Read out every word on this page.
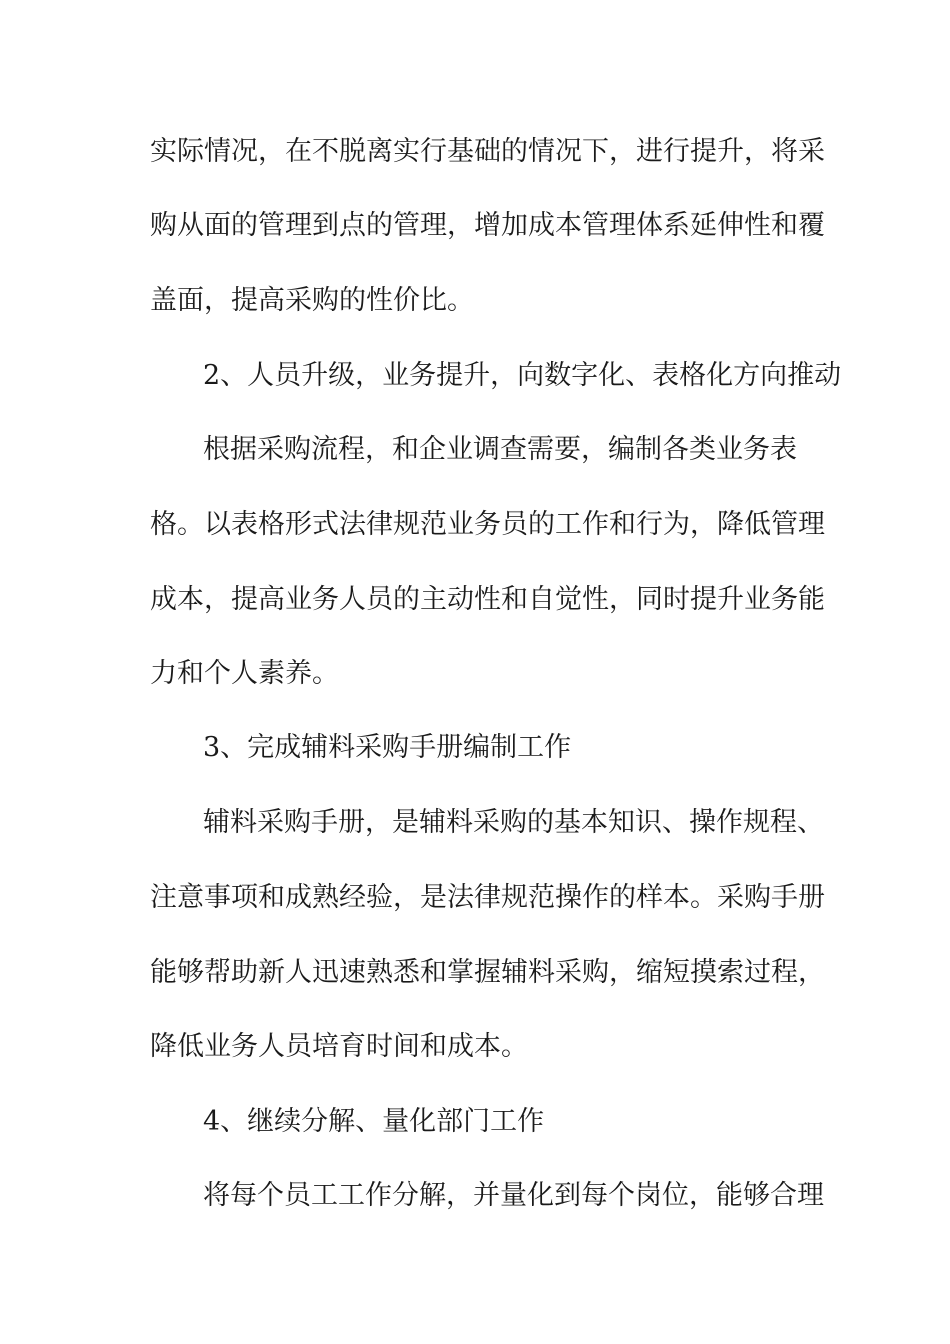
实际情况，在不脱离实行基础的情况下，进行提升，将采

购从面的管理到点的管理，增加成本管理体系延伸性和覆

盖面，提高采购的性价比。

2、人员升级，业务提升，向数字化、表格化方向推动

根据采购流程，和企业调查需要，编制各类业务表

格。以表格形式法律规范业务员的工作和行为，降低管理

成本，提高业务人员的主动性和自觉性，同时提升业务能

力和个人素养。

3、完成辅料采购手册编制工作

辅料采购手册，是辅料采购的基本知识、操作规程、

注意事项和成熟经验，是法律规范操作的样本。采购手册

能够帮助新人迅速熟悉和掌握辅料采购，缩短摸索过程，

降低业务人员培育时间和成本。

4、继续分解、量化部门工作

将每个员工工作分解，并量化到每个岗位，能够合理
